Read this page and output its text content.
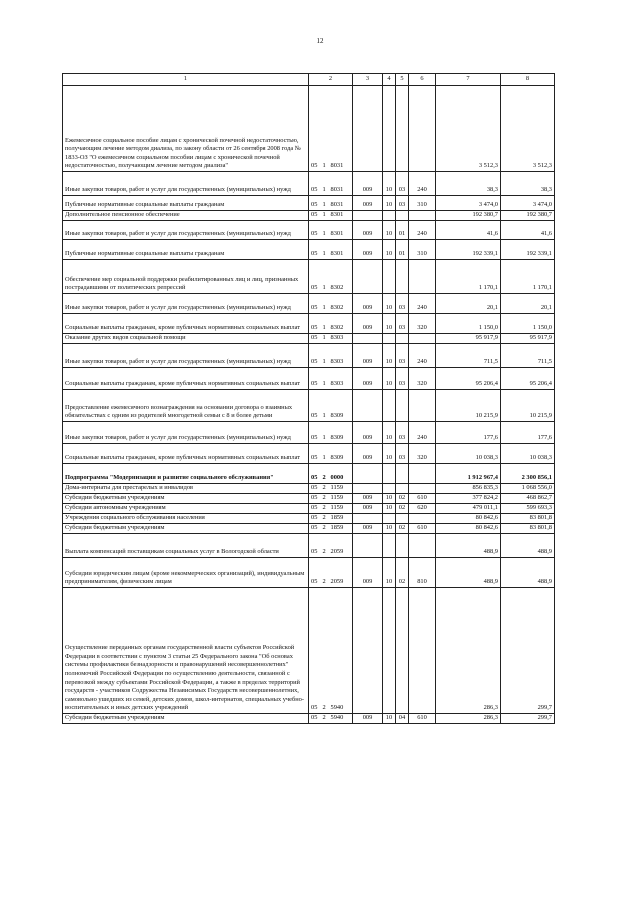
12
1	2			3	4	5	6	7	8
Ежемесячное социальное пособие лицам с хронической почечной недостаточностью, получающим лечение методом диализа, по закону области от 26 сентября 2008 года № 1833-ОЗ "О ежемесячном социальном пособии лицам с хронической почечной недостаточностью, получающим лечение методом диализа"	05	1	8031					3 512,3	3 512,3
Иные закупки товаров, работ и услуг для государственных (муниципальных) нужд	05	1	8031	009	10	03	240	38,3	38,3
Публичные нормативные социальные выплаты гражданам	05	1	8031	009	10	03	310	3 474,0	3 474,0
Дополнительное пенсионное обеспечение	05	1	8301					192 380,7	192 380,7
Иные закупки товаров, работ и услуг для государственных (муниципальных) нужд	05	1	8301	009	10	01	240	41,6	41,6
Публичные нормативные социальные выплаты гражданам	05	1	8301	009	10	01	310	192 339,1	192 339,1
Обеспечение мер социальной поддержки реабилитированных лиц и лиц, признанных пострадавшими от политических репрессий	05	1	8302					1 170,1	1 170,1
Иные закупки товаров, работ и услуг для государственных (муниципальных) нужд	05	1	8302	009	10	03	240	20,1	20,1
Социальные выплаты гражданам, кроме публичных нормативных социальных выплат	05	1	8302	009	10	03	320	1 150,0	1 150,0
Оказание других видов социальной помощи	05	1	8303					95 917,9	95 917,9
Иные закупки товаров, работ и услуг для государственных (муниципальных) нужд	05	1	8303	009	10	03	240	711,5	711,5
Социальные выплаты гражданам, кроме публичных нормативных социальных выплат	05	1	8303	009	10	03	320	95 206,4	95 206,4
Предоставление ежемесячного вознаграждения на основании договора о взаимных обязательствах с одним из родителей многодетной семьи с 8 и более детьми	05	1	8309					10 215,9	10 215,9
Иные закупки товаров, работ и услуг для государственных (муниципальных) нужд	05	1	8309	009	10	03	240	177,6	177,6
Социальные выплаты гражданам, кроме публичных нормативных социальных выплат	05	1	8309	009	10	03	320	10 038,3	10 038,3
Подпрограмма "Модернизация и развитие социального обслуживания"	05	2	0000					1 912 967,4	2 300 856,1
Дома-интернаты для престарелых и инвалидов	05	2	1159					856 835,3	1 068 556,0
Субсидии бюджетным учреждениям	05	2	1159	009	10	02	610	377 824,2	468 862,7
Субсидии автономным учреждениям	05	2	1159	009	10	02	620	479 011,1	599 693,3
Учреждения социального обслуживания населения	05	2	1859					80 842,6	83 801,8
Субсидии бюджетным учреждениям	05	2	1859	009	10	02	610	80 842,6	83 801,8
Выплата компенсаций поставщикам социальных услуг в Вологодской области	05	2	2059					488,9	488,9
Субсидии юридическим лицам (кроме некоммерческих организаций), индивидуальным предпринимателям, физическим лицам	05	2	2059	009	10	02	810	488,9	488,9
Осуществление переданных органам государственной власти субъектов Российской Федерации в соответствии с пунктом 3 статьи 25 Федерального закона "Об основах системы профилактики безнадзорности и правонарушений несовершеннолетних" полномочий Российской Федерации по осуществлению деятельности, связанной с перевозкой между субъектами Российской Федерации, а также в пределах территорий государств - участников Содружества Независимых Государств несовершеннолетних, самовольно ушедших из семей, детских домов, школ-интернатов, специальных учебно-воспитательных и иных детских учреждений	05	2	5940					286,3	299,7
Субсидии бюджетным учреждениям	05	2	5940	009	10	04	610	286,3	299,7
